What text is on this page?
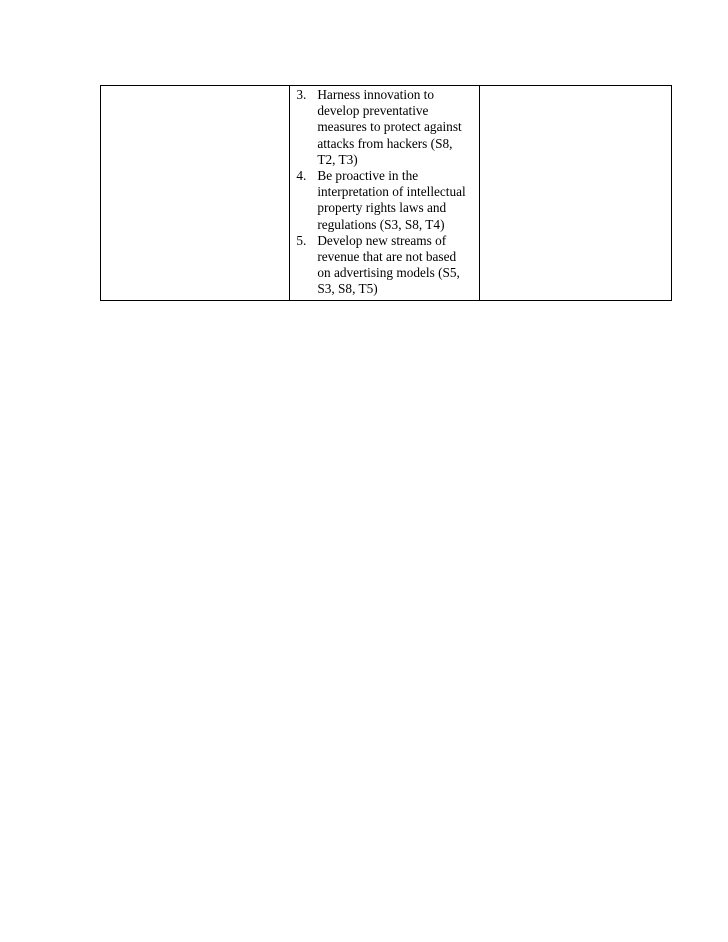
3. Harness innovation to
develop preventative
measures to protect against
attacks from hackers (S8,
T2, T3)
4. Be proactive in the
interpretation of intellectual
property rights laws and
regulations (S3, S8, T4)
5. Develop new streams of
revenue that are not based
on advertising models (S5,
S3, S8, T5)
